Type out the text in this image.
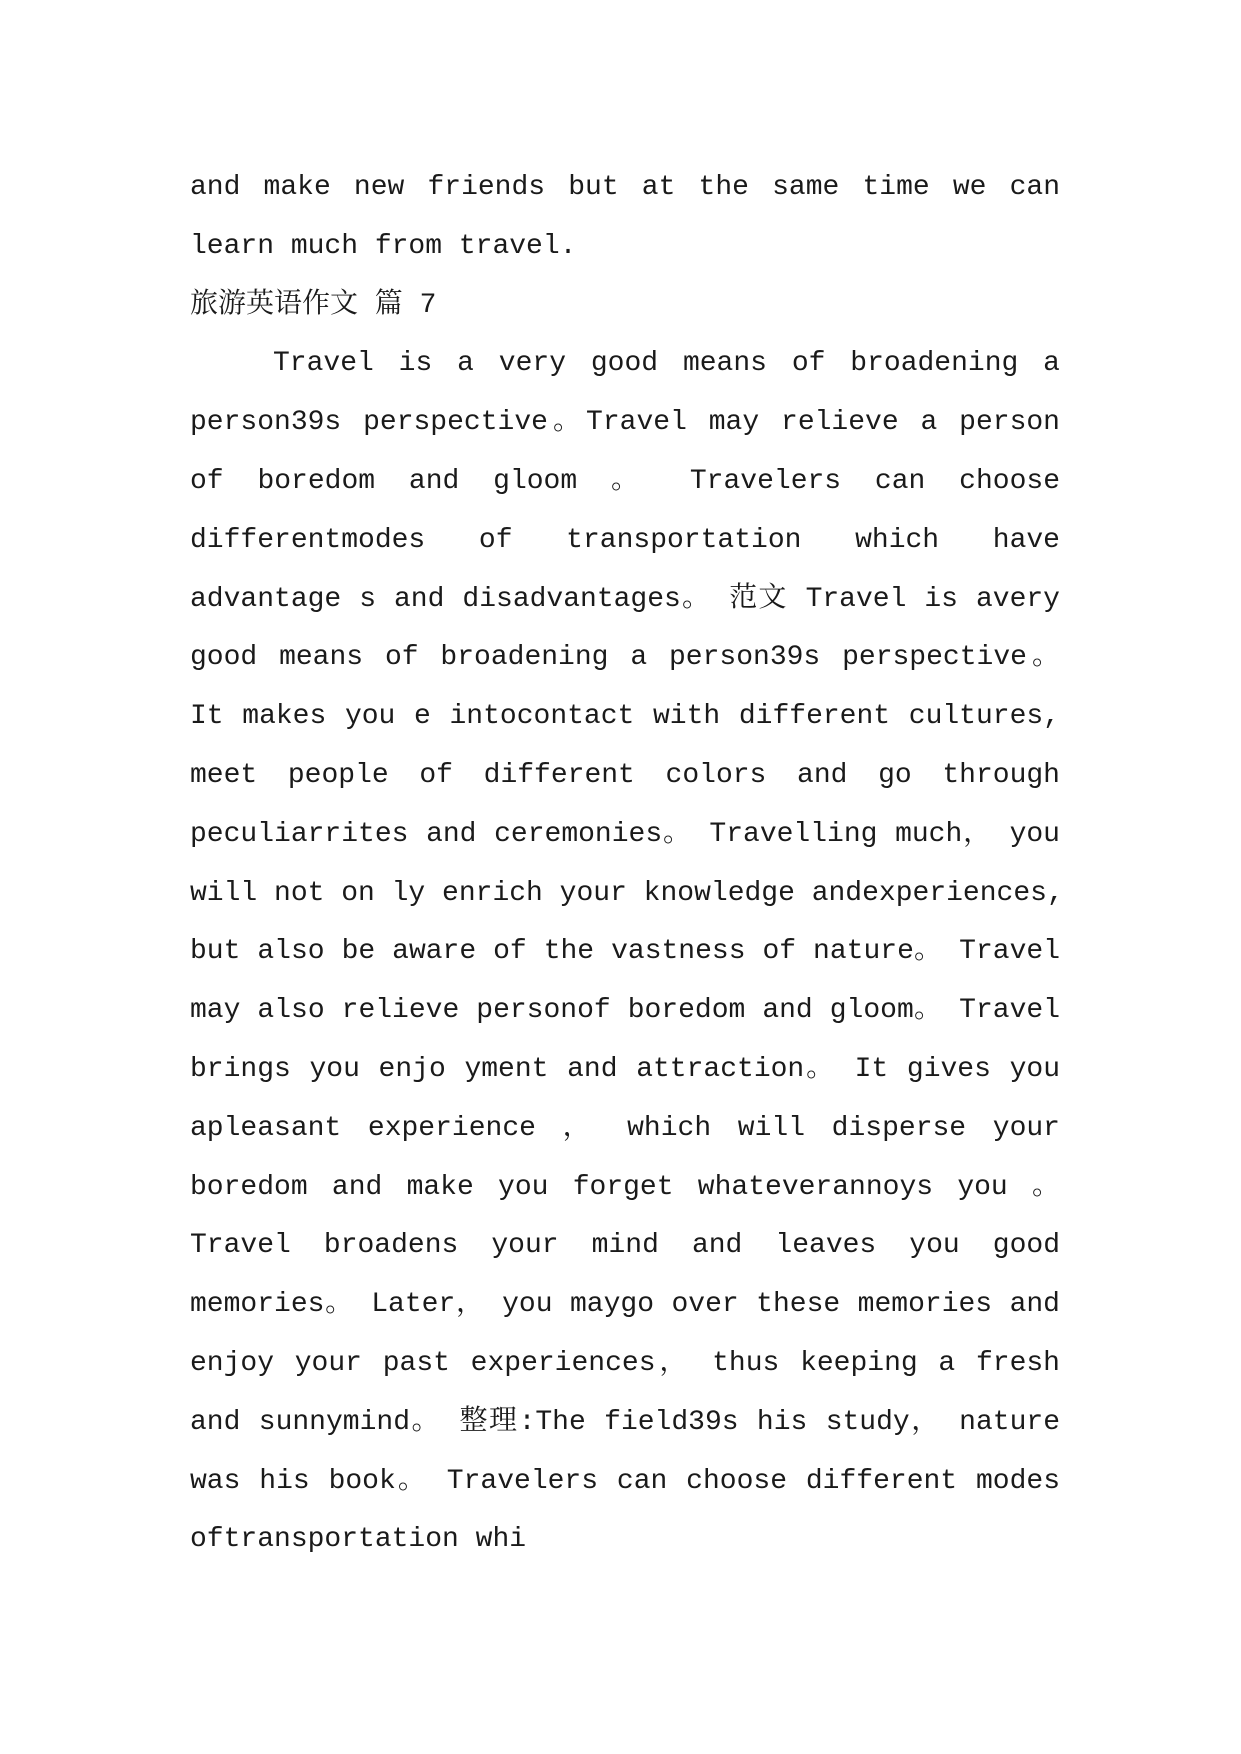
and make new friends but at the same time we can
learn much from travel.
旅游英语作文 篇 7
Travel is a very good means of broadening a
person39s perspective。Travel may relieve a person
of boredom and gloom 。 Travelers can choose
differentmodes of transportation which have
advantage s and disadvantages。 范文 Travel is avery
good means of broadening a person39s perspective。
It makes you e intocontact with different cultures,
meet people of different colors and go through
peculiarrites and ceremonies。 Travelling much， you
will not on ly enrich your knowledge andexperiences,
but also be aware of the vastness of nature。 Travel
may also relieve personof boredom and gloom。 Travel
brings you enjo yment and attraction。 It gives you
apleasant experience ， which will disperse your
boredom and make you forget whateverannoys you 。
Travel broadens your mind and leaves you good
memories。 Later， you maygo over these memories and
enjoy your past experiences， thus keeping a fresh
and sunnymind。 整理:The field39s his study， nature
was his book。 Travelers can choose different modes
oftransportation whi
